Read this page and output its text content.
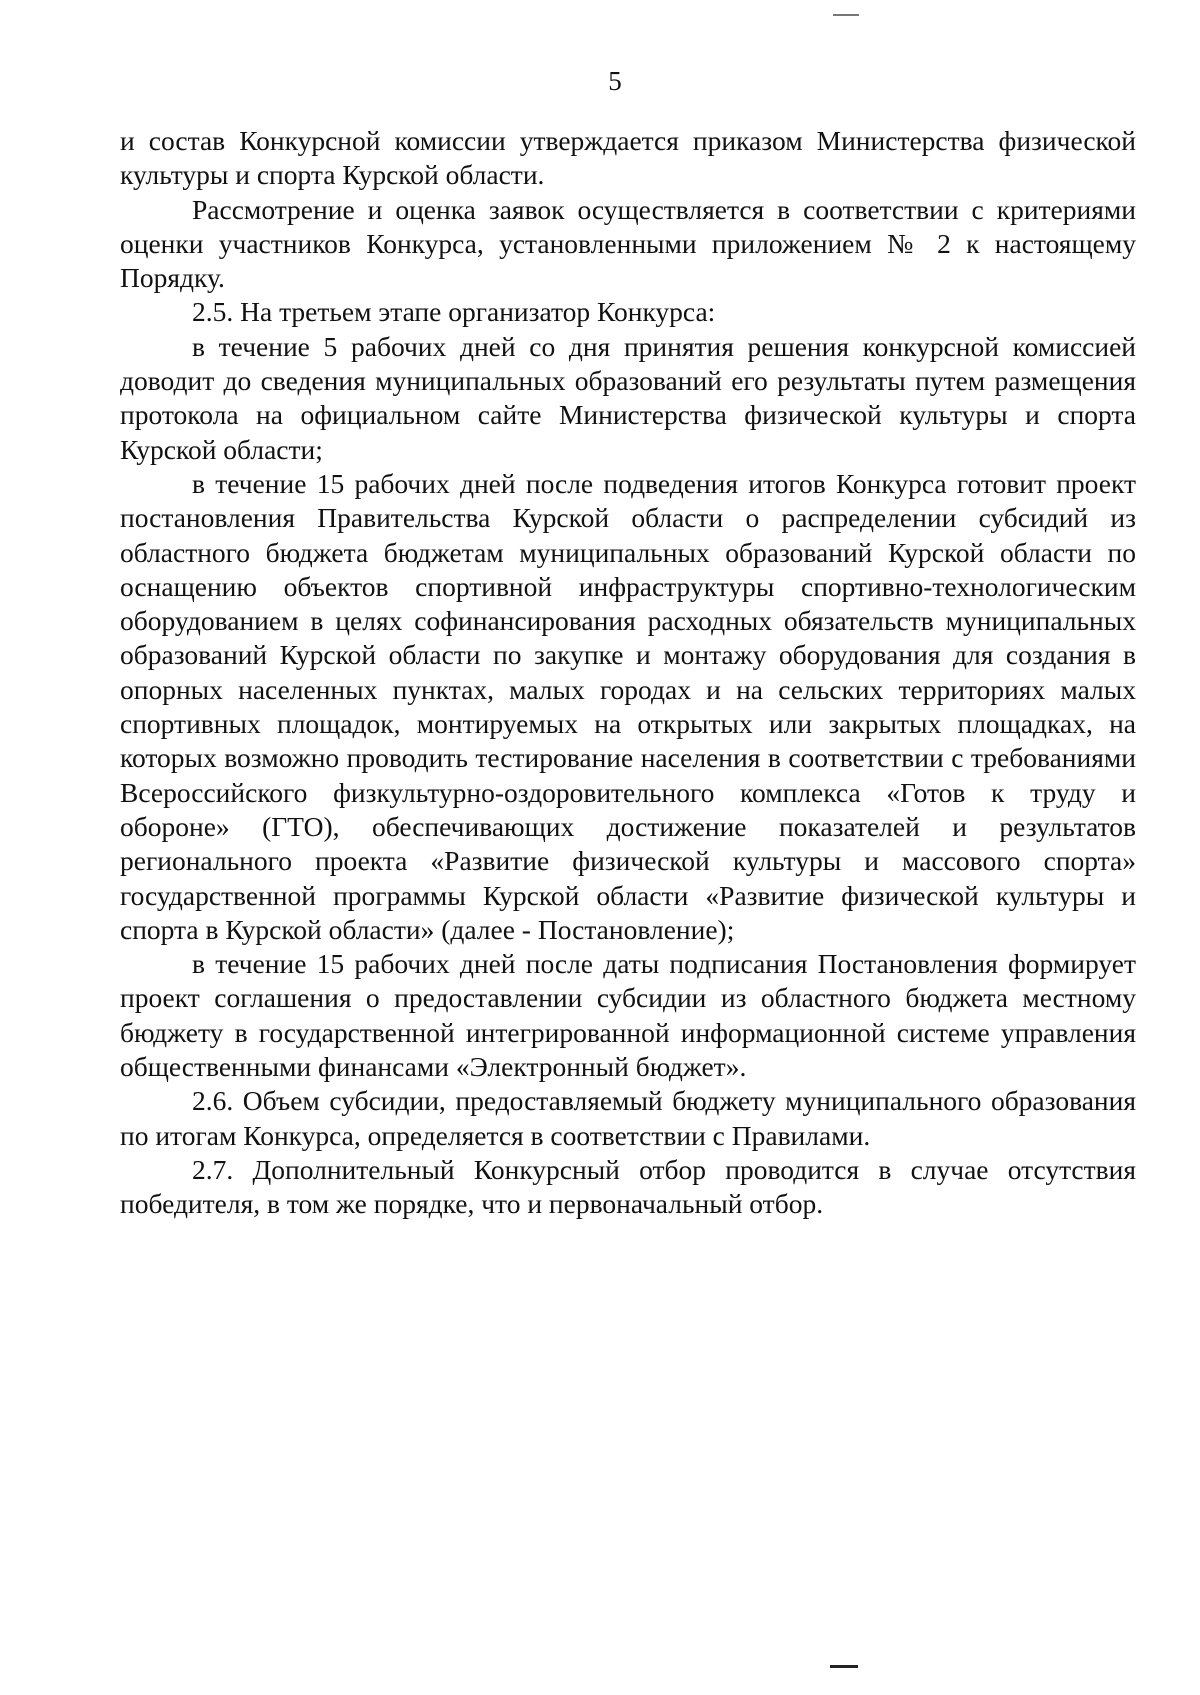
5

и состав Конкурсной комиссии утверждается приказом Министерства физической культуры и спорта Курской области.

Рассмотрение и оценка заявок осуществляется в соответствии с критериями оценки участников Конкурса, установленными приложением № 2 к настоящему Порядку.

2.5. На третьем этапе организатор Конкурса:

в течение 5 рабочих дней со дня принятия решения конкурсной комиссией доводит до сведения муниципальных образований его результаты путем размещения протокола на официальном сайте Министерства физической культуры и спорта Курской области;

в течение 15 рабочих дней после подведения итогов Конкурса готовит проект постановления Правительства Курской области о распределении субсидий из областного бюджета бюджетам муниципальных образований Курской области по оснащению объектов спортивной инфраструктуры спортивно-технологическим оборудованием в целях софинансирования расходных обязательств муниципальных образований Курской области по закупке и монтажу оборудования для создания в опорных населенных пунктах, малых городах и на сельских территориях малых спортивных площадок, монтируемых на открытых или закрытых площадках, на которых возможно проводить тестирование населения в соответствии с требованиями Всероссийского физкультурно-оздоровительного комплекса «Готов к труду и обороне» (ГТО), обеспечивающих достижение показателей и результатов регионального проекта «Развитие физической культуры и массового спорта» государственной программы Курской области «Развитие физической культуры и спорта в Курской области» (далее - Постановление);

в течение 15 рабочих дней после даты подписания Постановления формирует проект соглашения о предоставлении субсидии из областного бюджета местному бюджету в государственной интегрированной информационной системе управления общественными финансами «Электронный бюджет».

2.6. Объем субсидии, предоставляемый бюджету муниципального образования по итогам Конкурса, определяется в соответствии с Правилами.

2.7. Дополнительный Конкурсный отбор проводится в случае отсутствия победителя, в том же порядке, что и первоначальный отбор.
